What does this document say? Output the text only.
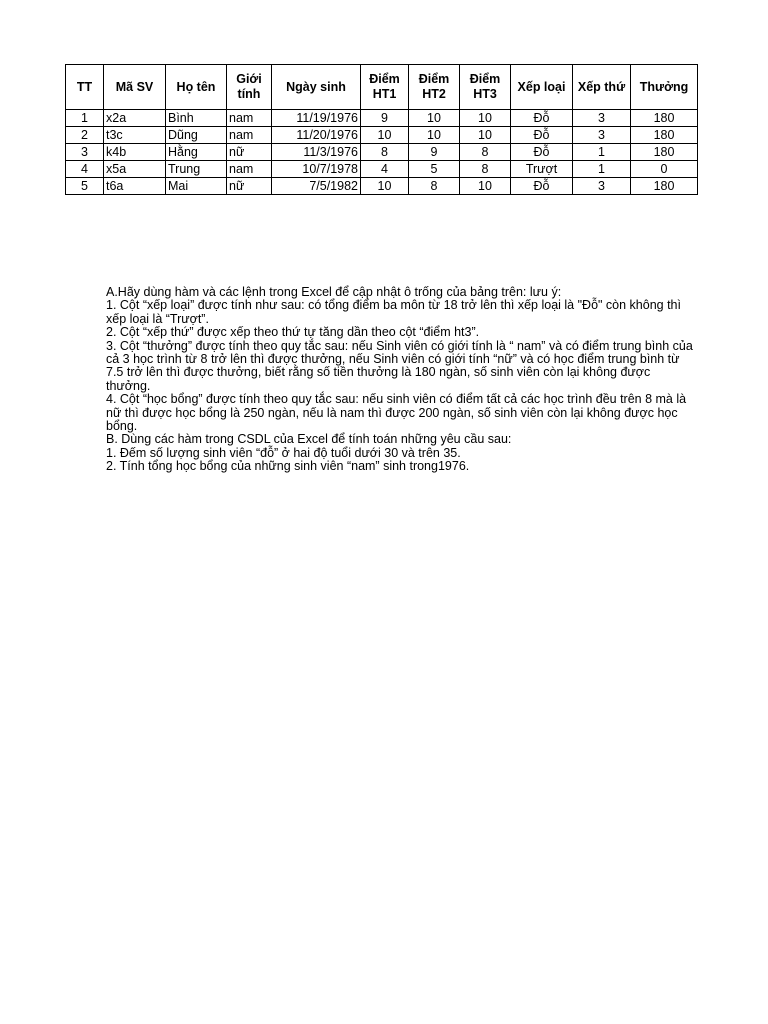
TT	Mã SV	Họ tên	Giới tính	Ngày sinh	Điểm HT1	Điểm HT2	Điểm HT3	Xếp loại	Xếp thứ	Thưởng
1	x2a	Bình	nam	11/19/1976	9	10	10	Đỗ	3	180
2	t3c	Dũng	nam	11/20/1976	10	10	10	Đỗ	3	180
3	k4b	Hằng	nữ	11/3/1976	8	9	8	Đỗ	1	180
4	x5a	Trung	nam	10/7/1978	4	5	8	Trượt	1	0
5	t6a	Mai	nữ	7/5/1982	10	8	10	Đỗ	3	180

A.Hãy dùng hàm và các lệnh trong Excel để cập nhật ô trống của bảng trên: lưu ý:

1. Cột “xếp loại” được tính như sau: có tổng điểm ba môn từ 18 trở lên thì xếp loại là "Đỗ" còn không thì xếp loại là “Trượt”.

2. Cột “xếp thứ” được xếp theo thứ tự tăng dần theo cột “điểm ht3”.

3. Cột “thưởng” được tính theo quy tắc sau: nếu Sinh viên có giới tính là “ nam” và có điểm trung bình của cả 3 học trình từ 8 trở lên thì được thưởng, nếu Sinh viên có giới tính “nữ” và có học điểm trung bình từ 7.5 trở lên thì được thưởng, biết rằng số tiền thưởng là 180 ngàn, số sinh viên còn lại không được thưởng.

4. Cột “học bổng” được tính theo quy tắc sau: nếu sinh viên có điểm tất cả các học trình đều trên 8 mà là nữ thì được học bổng là 250 ngàn, nếu là nam thì được 200 ngàn, số sinh viên còn lại không được học bổng.

B. Dùng các hàm trong CSDL của Excel để tính toán những yêu cầu sau:

1. Đếm số lượng sinh viên “đỗ” ở hai độ tuổi dưới 30 và trên 35.

2. Tính tổng học bổng của những sinh viên “nam” sinh trong1976.
